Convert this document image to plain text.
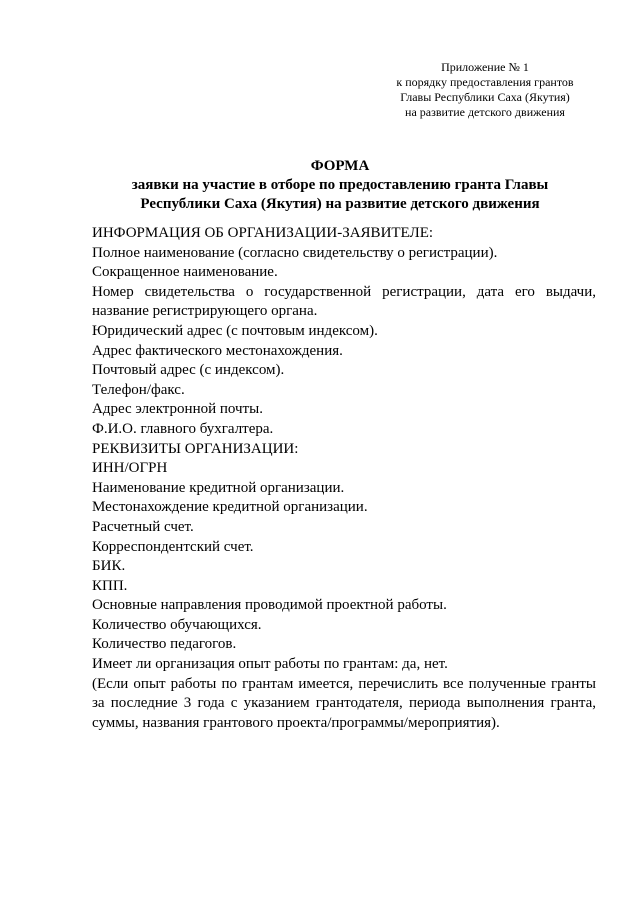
Приложение № 1
к порядку предоставления грантов
Главы Республики Саха (Якутия)
на развитие детского движения
ФОРМА
заявки на участие в отборе по предоставлению гранта Главы
Республики Саха (Якутия) на развитие детского движения
ИНФОРМАЦИЯ ОБ ОРГАНИЗАЦИИ-ЗАЯВИТЕЛЕ:
Полное наименование (согласно свидетельству о регистрации).
Сокращенное наименование.
Номер свидетельства о государственной регистрации, дата его выдачи,
название регистрирующего органа.
Юридический адрес (с почтовым индексом).
Адрес фактического местонахождения.
Почтовый адрес (с индексом).
Телефон/факс.
Адрес электронной почты.
Ф.И.О. главного бухгалтера.
РЕКВИЗИТЫ ОРГАНИЗАЦИИ:
ИНН/ОГРН
Наименование кредитной организации.
Местонахождение кредитной организации.
Расчетный счет.
Корреспондентский счет.
БИК.
КПП.
Основные направления проводимой проектной работы.
Количество обучающихся.
Количество педагогов.
Имеет ли организация опыт работы по грантам: да, нет.
(Если опыт работы по грантам имеется, перечислить все полученные гранты
за последние 3 года с указанием грантодателя, периода выполнения гранта,
суммы, названия грантового проекта/программы/мероприятия).
